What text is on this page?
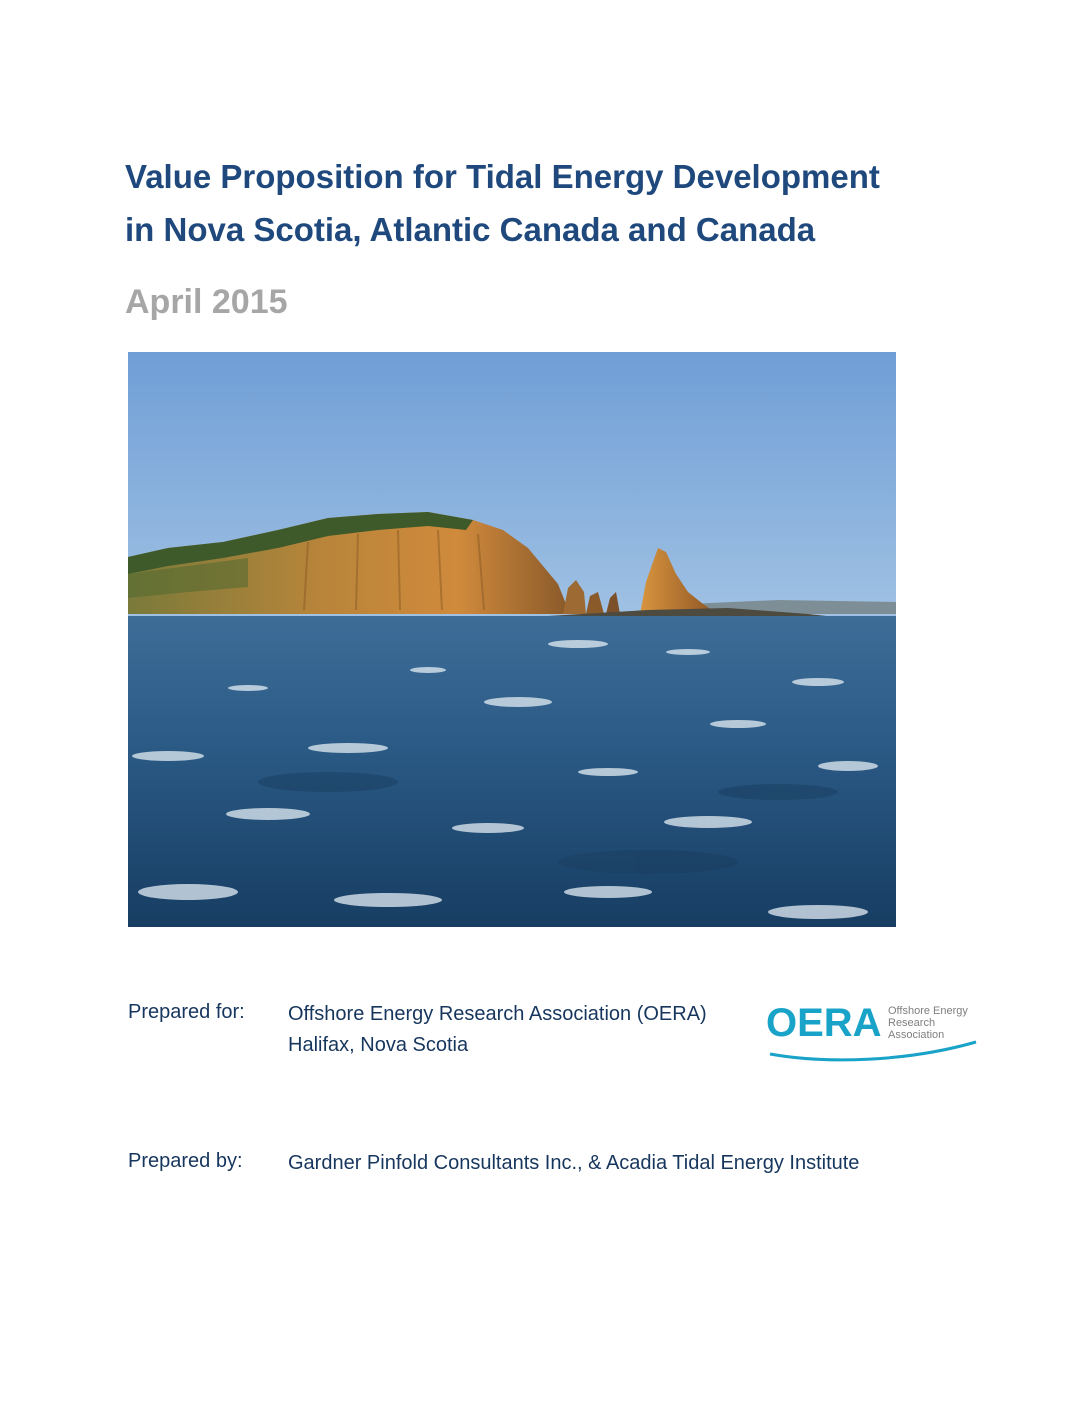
Value Proposition for Tidal Energy Development
in Nova Scotia, Atlantic Canada and Canada
April 2015
Prepared for: Offshore Energy Research Association (OERA)
Halifax, Nova Scotia	OERA Offshore Energy
Research
Association
Prepared by: Gardner Pinfold Consultants Inc., & Acadia Tidal Energy Institute
